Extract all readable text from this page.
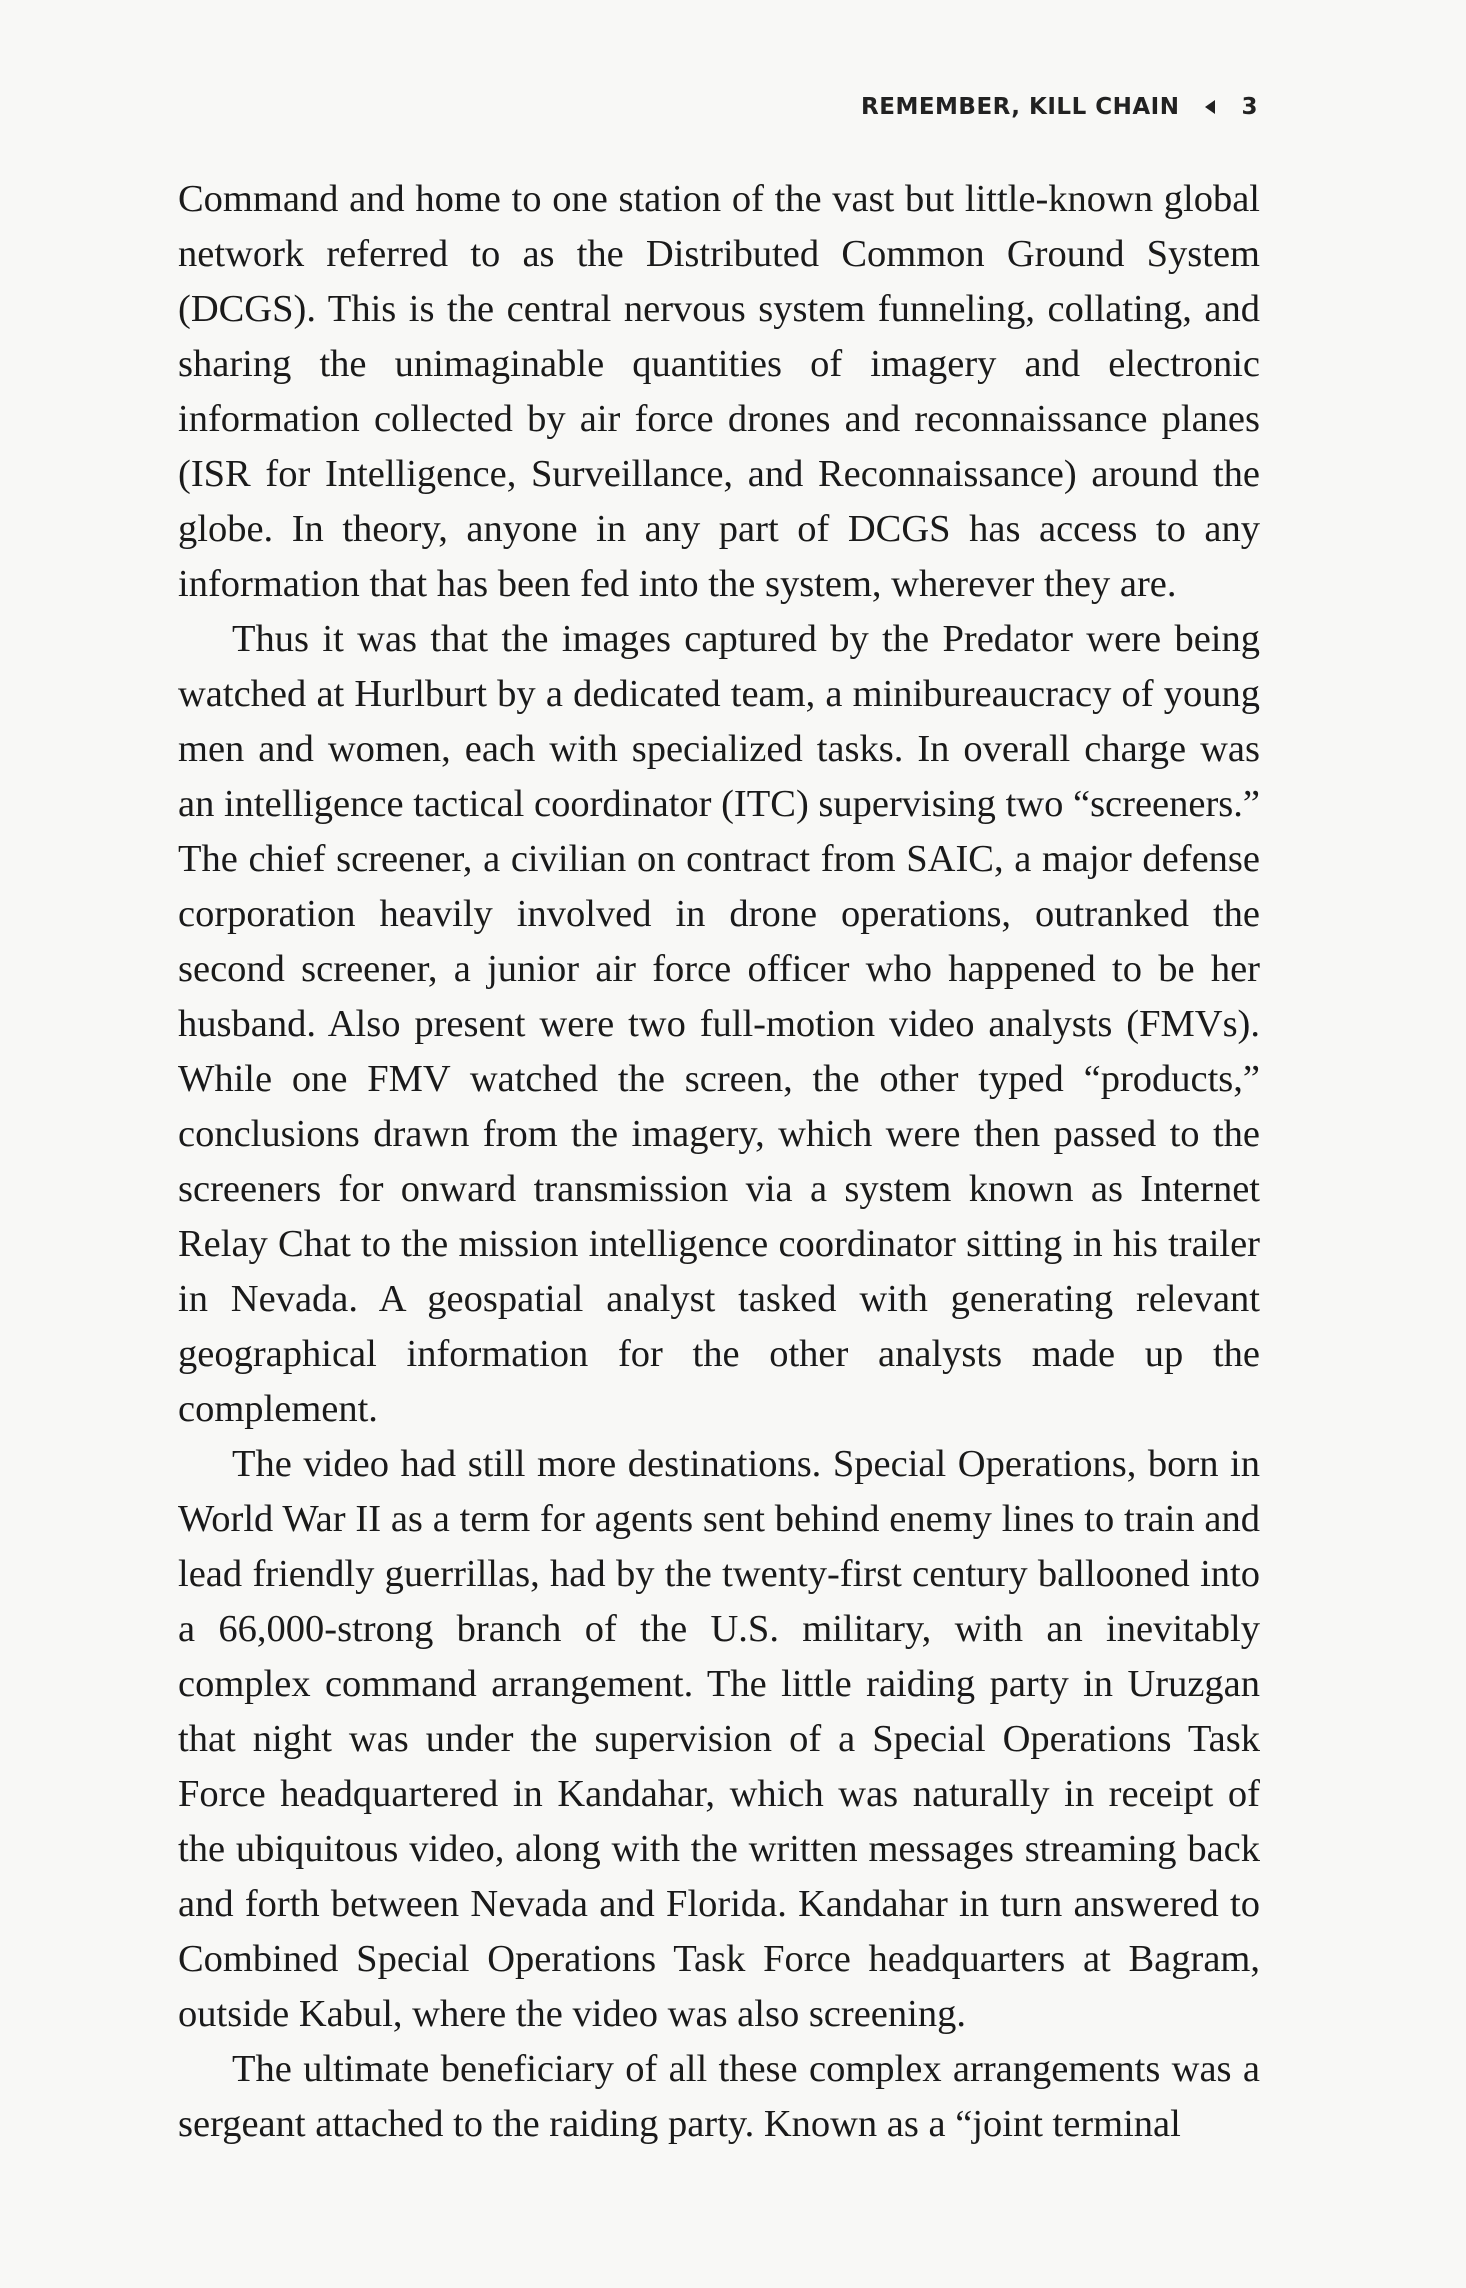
REMEMBER, KILL CHAIN	3

Command and home to one station of the vast but little-known global network referred to as the Distributed Common Ground System (DCGS). This is the central nervous system funneling, collating, and sharing the unimaginable quantities of imagery and electronic information collected by air force drones and reconnaissance planes (ISR for Intelligence, Surveillance, and Reconnaissance) around the globe. In theory, anyone in any part of DCGS has access to any information that has been fed into the system, wherever they are.

Thus it was that the images captured by the Predator were being watched at Hurlburt by a dedicated team, a minibureaucracy of young men and women, each with specialized tasks. In overall charge was an intelligence tactical coordinator (ITC) supervising two “screeners.” The chief screener, a civilian on contract from SAIC, a major defense corporation heavily involved in drone operations, outranked the second screener, a junior air force officer who happened to be her husband. Also present were two full-motion video analysts (FMVs). While one FMV watched the screen, the other typed “products,” conclusions drawn from the imagery, which were then passed to the screeners for onward transmission via a system known as Internet Relay Chat to the mission intelligence coordinator sitting in his trailer in Nevada. A geospatial analyst tasked with generating relevant geographical information for the other analysts made up the complement.

The video had still more destinations. Special Operations, born in World War II as a term for agents sent behind enemy lines to train and lead friendly guerrillas, had by the twenty-first century ballooned into a 66,000-strong branch of the U.S. military, with an inevitably complex command arrangement. The little raiding party in Uruzgan that night was under the supervision of a Special Operations Task Force headquartered in Kandahar, which was naturally in receipt of the ubiquitous video, along with the written messages streaming back and forth between Nevada and Florida. Kandahar in turn answered to Combined Special Operations Task Force headquarters at Bagram, outside Kabul, where the video was also screening.

The ultimate beneficiary of all these complex arrangements was a sergeant attached to the raiding party. Known as a “joint terminal
